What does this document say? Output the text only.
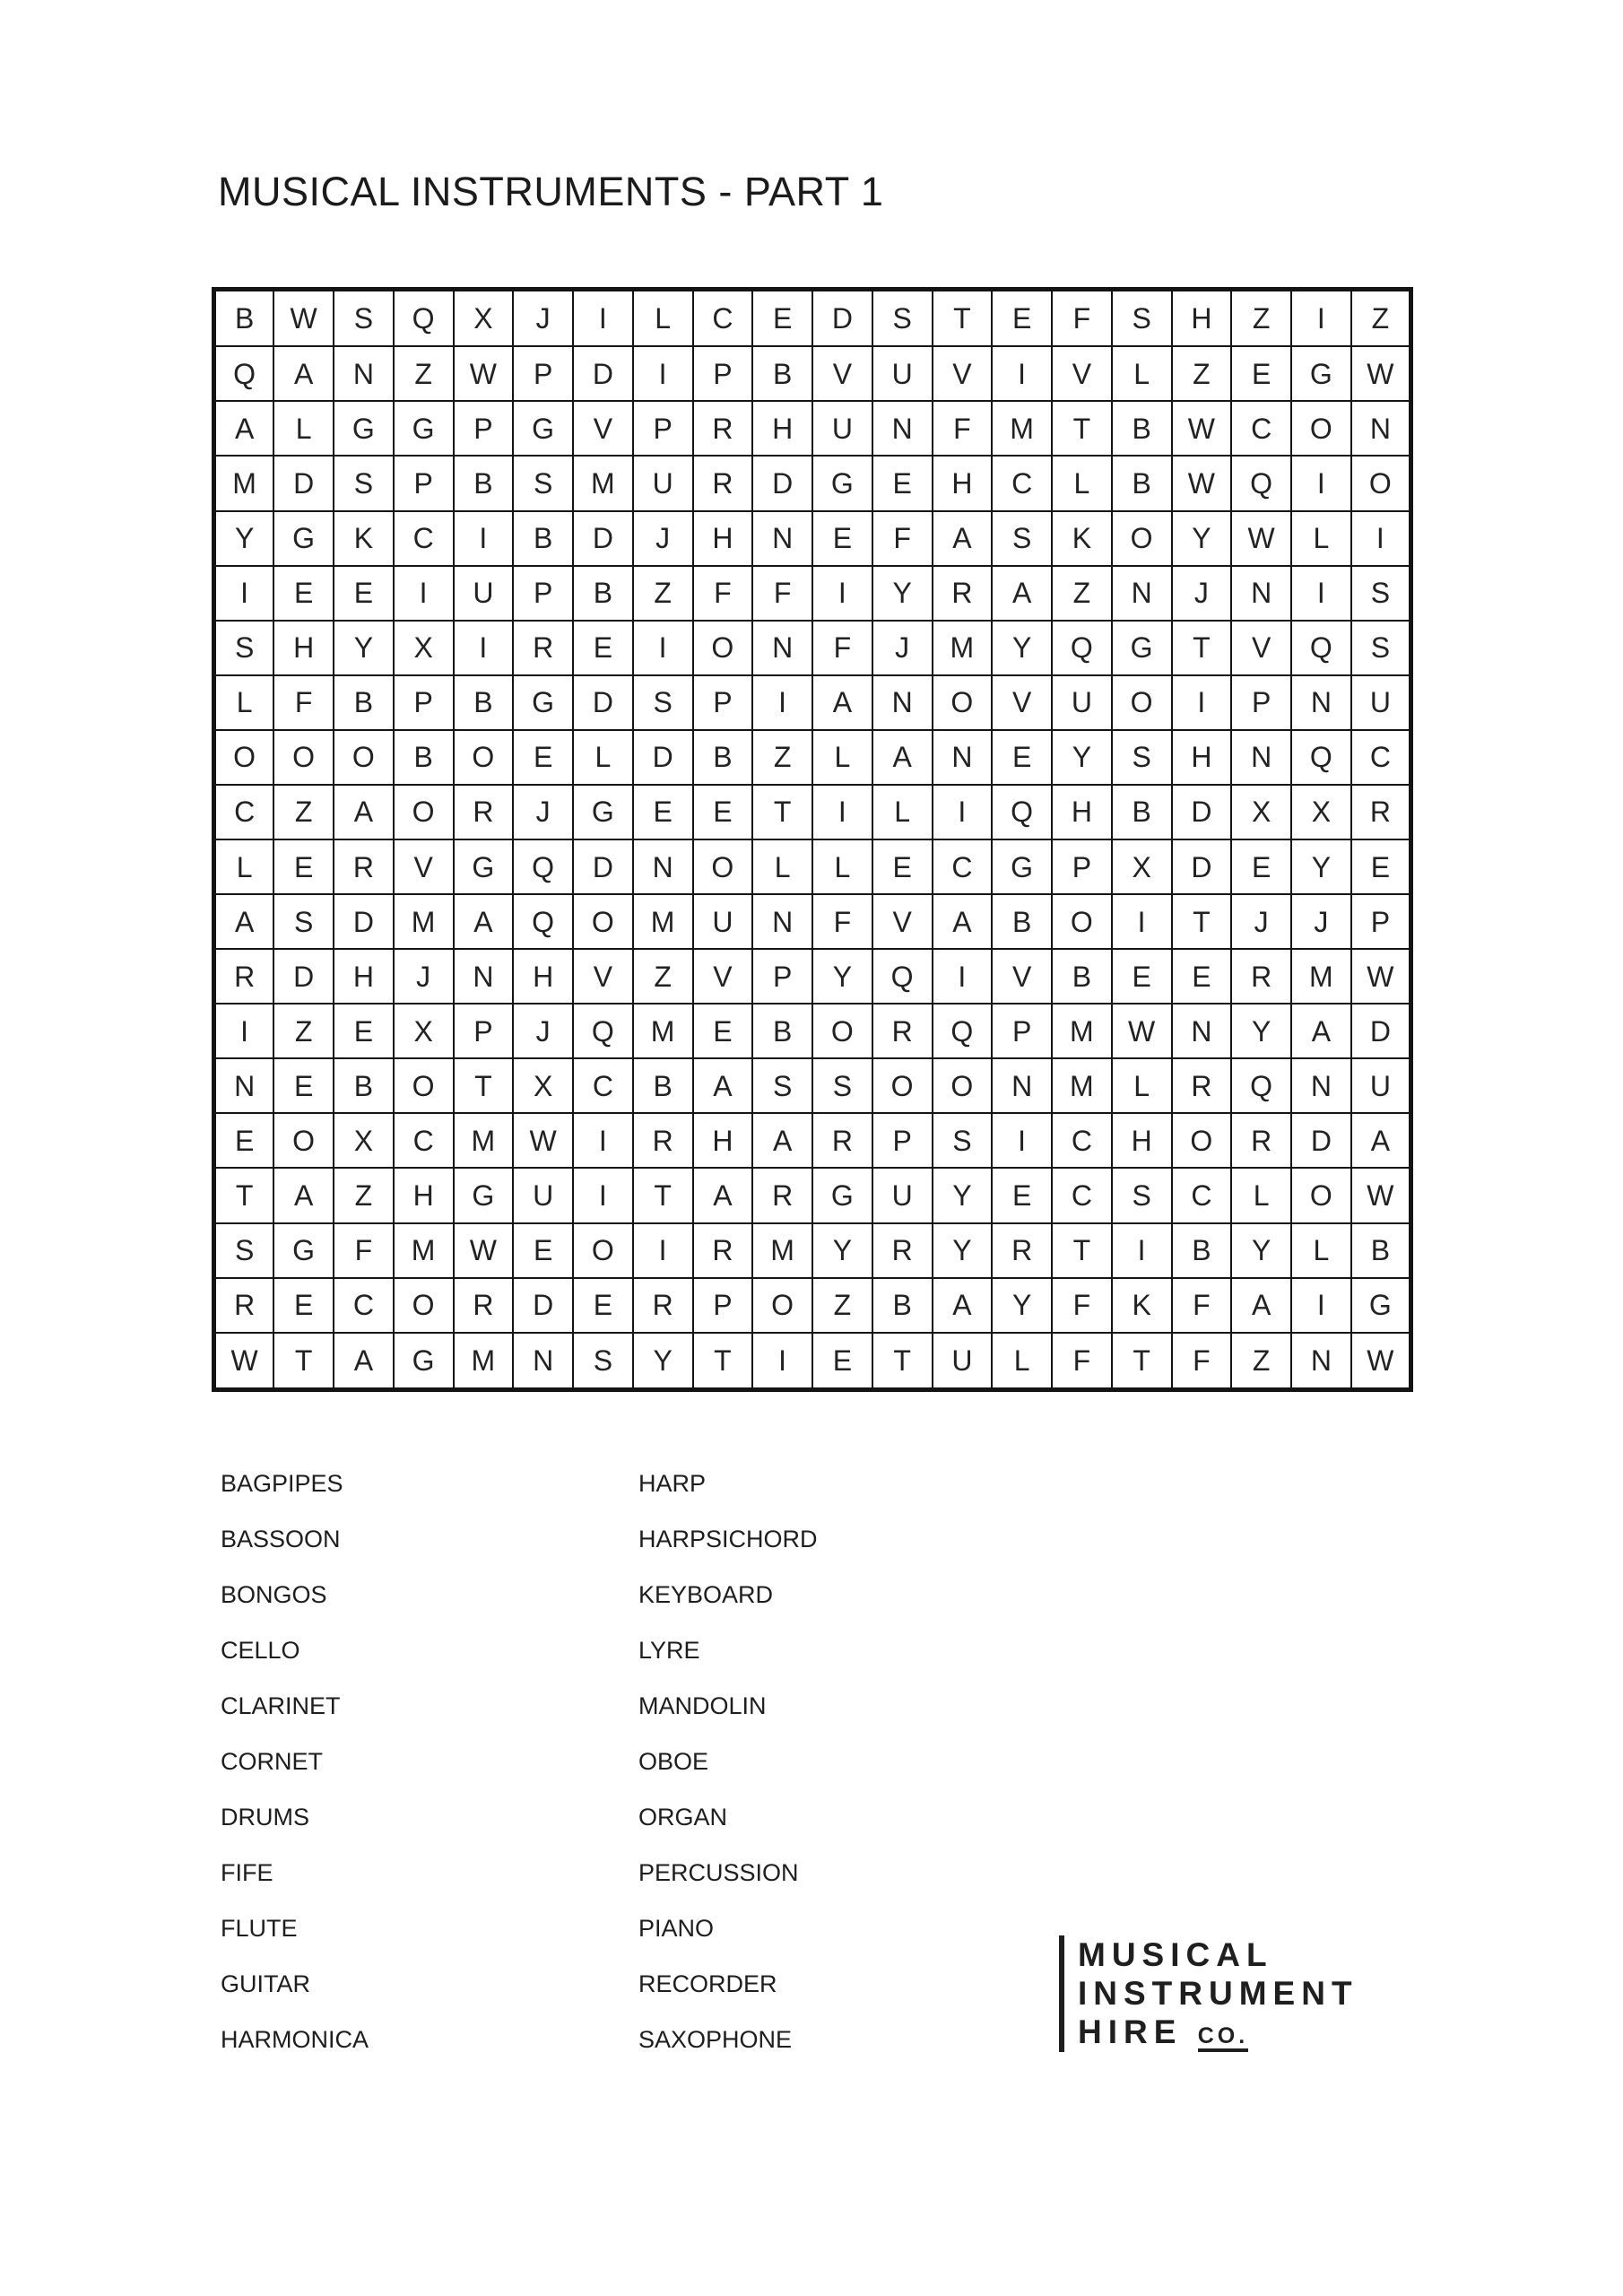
MUSICAL INSTRUMENTS - PART 1
B	W	S	Q	X	J	I	L	C	E	D	S	T	E	F	S	H	Z	I	Z
Q	A	N	Z	W	P	D	I	P	B	V	U	V	I	V	L	Z	E	G	W
A	L	G	G	P	G	V	P	R	H	U	N	F	M	T	B	W	C	O	N
M	D	S	P	B	S	M	U	R	D	G	E	H	C	L	B	W	Q	I	O
Y	G	K	C	I	B	D	J	H	N	E	F	A	S	K	O	Y	W	L	I
I	E	E	I	U	P	B	Z	F	F	I	Y	R	A	Z	N	J	N	I	S
S	H	Y	X	I	R	E	I	O	N	F	J	M	Y	Q	G	T	V	Q	S
L	F	B	P	B	G	D	S	P	I	A	N	O	V	U	O	I	P	N	U
O	O	O	B	O	E	L	D	B	Z	L	A	N	E	Y	S	H	N	Q	C
C	Z	A	O	R	J	G	E	E	T	I	L	I	Q	H	B	D	X	X	R
L	E	R	V	G	Q	D	N	O	L	L	E	C	G	P	X	D	E	Y	E
A	S	D	M	A	Q	O	M	U	N	F	V	A	B	O	I	T	J	J	P
R	D	H	J	N	H	V	Z	V	P	Y	Q	I	V	B	E	E	R	M	W
I	Z	E	X	P	J	Q	M	E	B	O	R	Q	P	M	W	N	Y	A	D
N	E	B	O	T	X	C	B	A	S	S	O	O	N	M	L	R	Q	N	U
E	O	X	C	M	W	I	R	H	A	R	P	S	I	C	H	O	R	D	A
T	A	Z	H	G	U	I	T	A	R	G	U	Y	E	C	S	C	L	O	W
S	G	F	M	W	E	O	I	R	M	Y	R	Y	R	T	I	B	Y	L	B
R	E	C	O	R	D	E	R	P	O	Z	B	A	Y	F	K	F	A	I	G
W	T	A	G	M	N	S	Y	T	I	E	T	U	L	F	T	F	Z	N	W
BAGPIPES
BASSOON
BONGOS
CELLO
CLARINET
CORNET
DRUMS
FIFE
FLUTE
GUITAR
HARMONICA
HARP
HARPSICHORD
KEYBOARD
LYRE
MANDOLIN
OBOE
ORGAN
PERCUSSION
PIANO
RECORDER
SAXOPHONE
MUSICAL
INSTRUMENT
HIRE CO.
